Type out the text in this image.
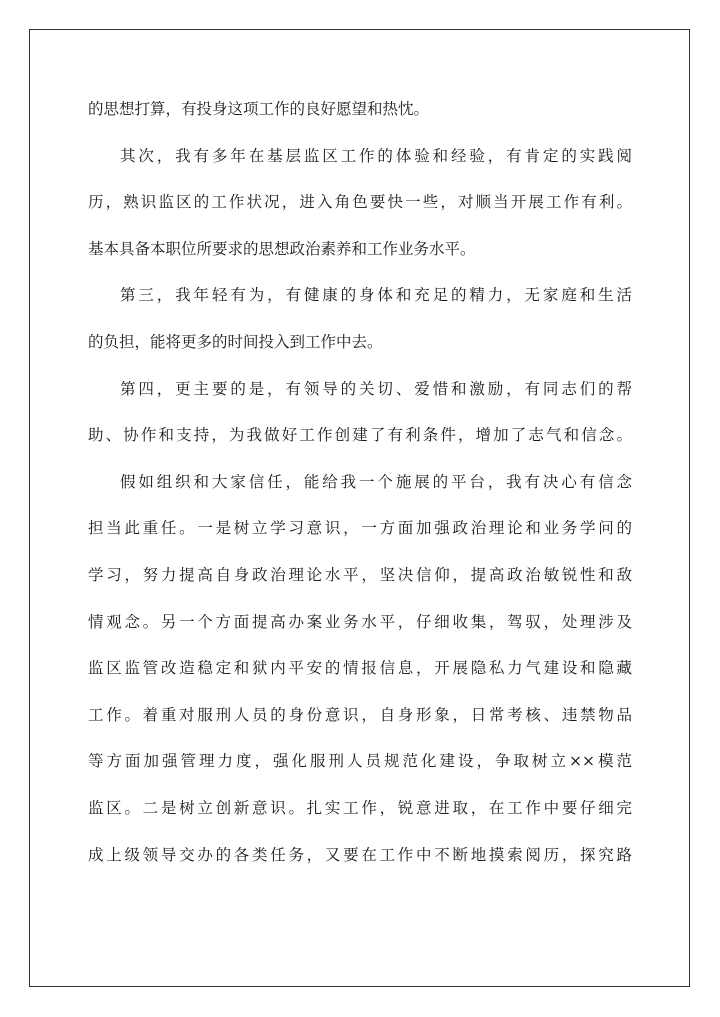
的思想打算，有投身这项工作的良好愿望和热忱。
其次，我有多年在基层监区工作的体验和经验，有肯定的实践阅
历，熟识监区的工作状况，进入角色要快一些，对顺当开展工作有利。
基本具备本职位所要求的思想政治素养和工作业务水平。
第三，我年轻有为，有健康的身体和充足的精力，无家庭和生活
的负担，能将更多的时间投入到工作中去。
第四，更主要的是，有领导的关切、爱惜和激励，有同志们的帮
助、协作和支持，为我做好工作创建了有利条件，增加了志气和信念。
假如组织和大家信任，能给我一个施展的平台，我有决心有信念
担当此重任。一是树立学习意识，一方面加强政治理论和业务学问的
学习，努力提高自身政治理论水平，坚决信仰，提高政治敏锐性和敌
情观念。另一个方面提高办案业务水平，仔细收集，驾驭，处理涉及
监区监管改造稳定和狱内平安的情报信息，开展隐私力气建设和隐藏
工作。着重对服刑人员的身份意识，自身形象，日常考核、违禁物品
等方面加强管理力度，强化服刑人员规范化建设，争取树立××模范
监区。二是树立创新意识。扎实工作，锐意进取，在工作中要仔细完
成上级领导交办的各类任务，又要在工作中不断地摸索阅历，探究路
